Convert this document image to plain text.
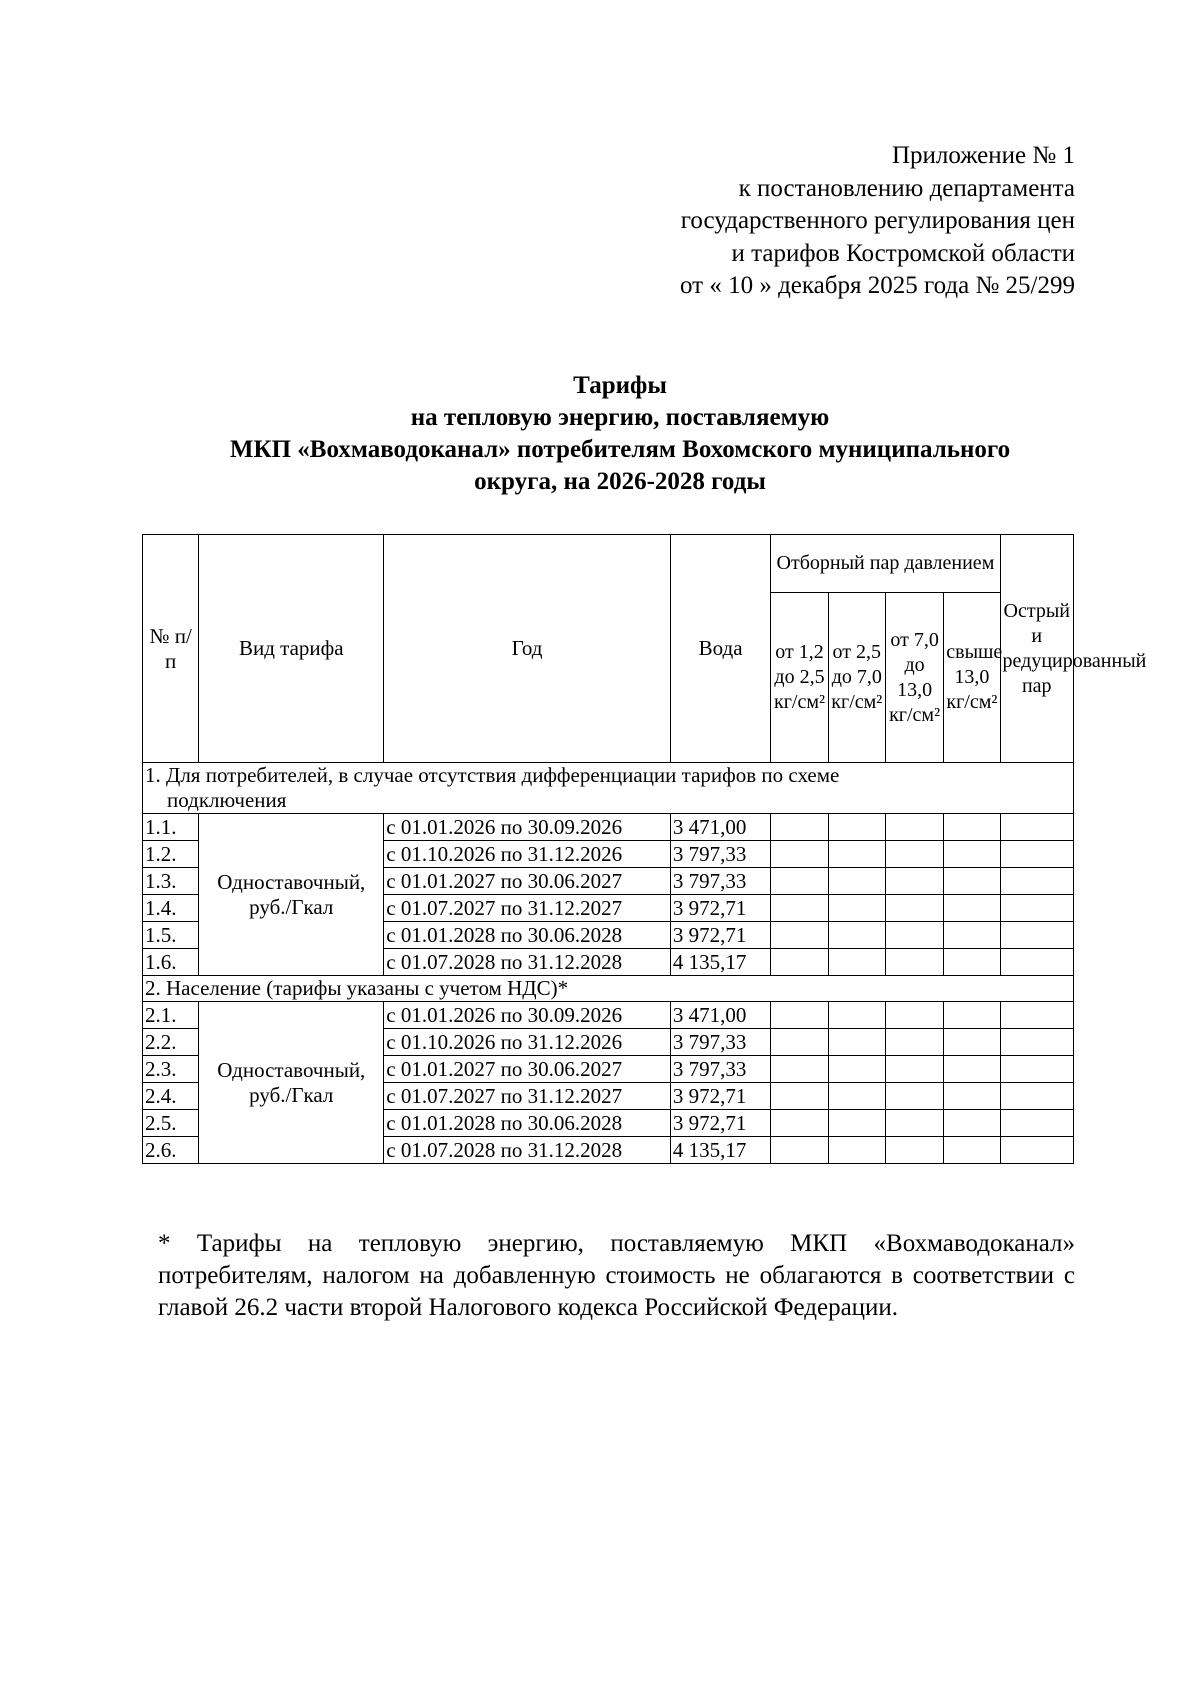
Приложение № 1
к постановлению департамента
государственного регулирования цен
и тарифов Костромской области
от « 10 » декабря 2025 года № 25/299
Тарифы
на тепловую энергию, поставляемую
МКП «Вохмаводоканал» потребителям Вохомского муниципального
округа, на 2026-2028 годы
№ п/п	Вид тарифа	Год	Вода	Отборный пар давлением				Острый и редуцированный пар
				от 1,2 до 2,5 кг/см²	от 2,5 до 7,0 кг/см²	от 7,0 до 13,0 кг/см²	свыше 13,0 кг/см²	
1. Для потребителей, в случае отсутствия дифференциации тарифов по схеме
подключения								

1.1.	Одноставочный, руб./Гкал	с 01.01.2026 по 30.09.2026	3 471,00					
1.2.		с 01.10.2026 по 31.12.2026	3 797,33					
1.3.		с 01.01.2027 по 30.06.2027	3 797,33					
1.4.		с 01.07.2027 по 31.12.2027	3 972,71					
1.5.		с 01.01.2028 по 30.06.2028	3 972,71					
1.6.		с 01.07.2028 по 31.12.2028	4 135,17					
2. Население (тарифы указаны с учетом НДС)*								
2.1.	Одноставочный, руб./Гкал	с 01.01.2026 по 30.09.2026	3 471,00					
2.2.		с 01.10.2026 по 31.12.2026	3 797,33					
2.3.		с 01.01.2027 по 30.06.2027	3 797,33					
2.4.		с 01.07.2027 по 31.12.2027	3 972,71					
2.5.		с 01.01.2028 по 30.06.2028	3 972,71					
2.6.		с 01.07.2028 по 31.12.2028	4 135,17					
* Тарифы на тепловую энергию, поставляемую МКП «Вохмаводоканал» потребителям, налогом на добавленную стоимость не облагаются в соответствии с главой 26.2 части второй Налогового кодекса Российской Федерации.
